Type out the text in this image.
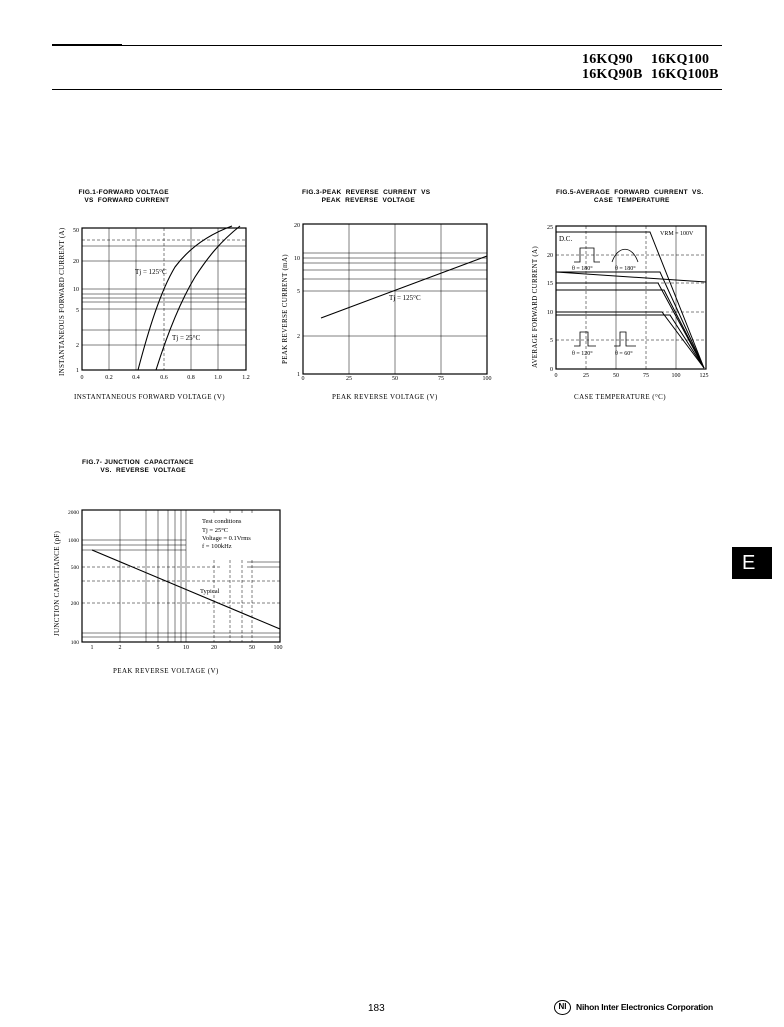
16KQ90 16KQ100
16KQ90B 16KQ100B
FIG.1-FORWARD VOLTAGE
VS  FORWARD CURRENT
Tj = 125°C
Tj = 25°C
1
2
5
10
20
50
0	0.2	0.4	0.6	0.8	1.0	1.2
INSTANTANEOUS FORWARD CURRENT (A)
INSTANTANEOUS FORWARD VOLTAGE (V)
FIG.3-PEAK  REVERSE  CURRENT  VS
PEAK  REVERSE  VOLTAGE
Tj = 125°C
1
2
5
10
20
0	25	50	75	100
PEAK REVERSE CURRENT (mA)
PEAK REVERSE VOLTAGE (V)
FIG.5-AVERAGE  FORWARD  CURRENT  VS.
CASE  TEMPERATURE
D.C.
VRM = 100V
θ = 180°	θ = 180°
θ = 120°	θ = 60°
0
5
10
15
20
25
0	25	50	75	100	125
AVERAGE FORWARD CURRENT (A)
CASE TEMPERATURE (°C)
FIG.7- JUNCTION  CAPACITANCE
VS.  REVERSE  VOLTAGE
Test conditions
Tj = 25°C
Voltage = 0.1Vrms
f = 100kHz
Typical
100
200
500
1000
2000
1	2	5	10	20	50	100
JUNCTION CAPACITANCE (pF)
PEAK REVERSE VOLTAGE (V)
E
183	NI	Nihon Inter Electronics Corporation
